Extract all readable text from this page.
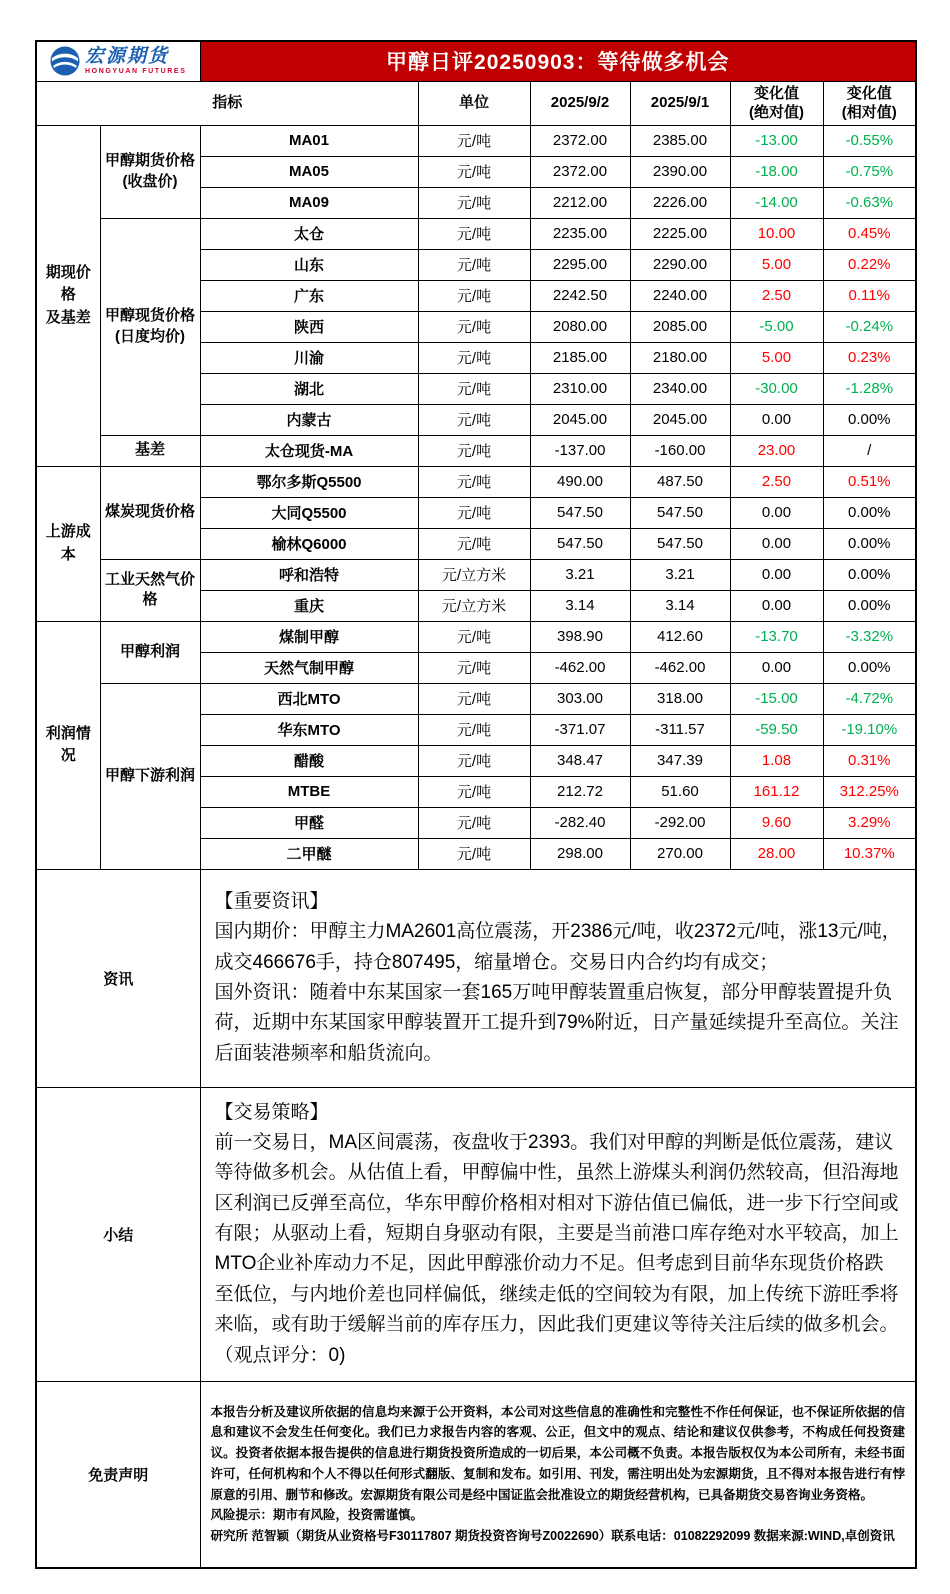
宏源期货
HONGYUAN FUTURES		甲醇日评20250903：等待做多机会					
指标			单位	2025/9/2	2025/9/1	变化值
(绝对值)	变化值
(相对值)
期现价格
及基差	甲醇期货价格
(收盘价)	MA01	元/吨	2372.00	2385.00	-13.00	-0.55%
		MA05	元/吨	2372.00	2390.00	-18.00	-0.75%
		MA09	元/吨	2212.00	2226.00	-14.00	-0.63%
	甲醇现货价格
(日度均价)	太仓	元/吨	2235.00	2225.00	10.00	0.45%
		山东	元/吨	2295.00	2290.00	5.00	0.22%
		广东	元/吨	2242.50	2240.00	2.50	0.11%
		陕西	元/吨	2080.00	2085.00	-5.00	-0.24%
		川渝	元/吨	2185.00	2180.00	5.00	0.23%
		湖北	元/吨	2310.00	2340.00	-30.00	-1.28%
		内蒙古	元/吨	2045.00	2045.00	0.00	0.00%
	基差	太仓现货-MA	元/吨	-137.00	-160.00	23.00	/
上游成本	煤炭现货价格	鄂尔多斯Q5500	元/吨	490.00	487.50	2.50	0.51%
		大同Q5500	元/吨	547.50	547.50	0.00	0.00%
		榆林Q6000	元/吨	547.50	547.50	0.00	0.00%
	工业天然气价格	呼和浩特	元/立方米	3.21	3.21	0.00	0.00%
		重庆	元/立方米	3.14	3.14	0.00	0.00%
利润情况	甲醇利润	煤制甲醇	元/吨	398.90	412.60	-13.70	-3.32%
		天然气制甲醇	元/吨	-462.00	-462.00	0.00	0.00%
	甲醇下游利润	西北MTO	元/吨	303.00	318.00	-15.00	-4.72%
		华东MTO	元/吨	-371.07	-311.57	-59.50	-19.10%
		醋酸	元/吨	348.47	347.39	1.08	0.31%
		MTBE	元/吨	212.72	51.60	161.12	312.25%
		甲醛	元/吨	-282.40	-292.00	9.60	3.29%
		二甲醚	元/吨	298.00	270.00	28.00	10.37%
资讯		【重要资讯】
国内期价：甲醇主力MA2601高位震荡，开2386元/吨，收2372元/吨，涨13元/吨，成交466676手，持仓807495，缩量增仓。交易日内合约均有成交；
国外资讯：随着中东某国家一套165万吨甲醇装置重启恢复，部分甲醇装置提升负荷，近期中东某国家甲醇装置开工提升到79%附近，日产量延续提升至高位。关注后面装港频率和船货流向。					

小结		【交易策略】
前一交易日，MA区间震荡，夜盘收于2393。我们对甲醇的判断是低位震荡，建议等待做多机会。从估值上看，甲醇偏中性，虽然上游煤头利润仍然较高，但沿海地区利润已反弹至高位，华东甲醇价格相对相对下游估值已偏低，进一步下行空间或有限；从驱动上看，短期自身驱动有限，主要是当前港口库存绝对水平较高，加上MTO企业补库动力不足，因此甲醇涨价动力不足。但考虑到目前华东现货价格跌至低位，与内地价差也同样偏低，继续走低的空间较为有限，加上传统下游旺季将来临，或有助于缓解当前的库存压力，因此我们更建议等待关注后续的做多机会。（观点评分：0)					

免责声明		本报告分析及建议所依据的信息均来源于公开资料，本公司对这些信息的准确性和完整性不作任何保证，也不保证所依据的信息和建议不会发生任何变化。我们已力求报告内容的客观、公正，但文中的观点、结论和建议仅供参考，不构成任何投资建议。投资者依据本报告提供的信息进行期货投资所造成的一切后果，本公司概不负责。本报告版权仅为本公司所有，未经书面许可，任何机构和个人不得以任何形式翻版、复制和发布。如引用、刊发，需注明出处为宏源期货，且不得对本报告进行有悖原意的引用、删节和修改。宏源期货有限公司是经中国证监会批准设立的期货经营机构，已具备期货交易咨询业务资格。
风险提示：期市有风险，投资需谨慎。
研究所 范智颖（期货从业资格号F30117807 期货投资咨询号Z0022690）联系电话：01082292099 数据来源:WIND,卓创资讯					
